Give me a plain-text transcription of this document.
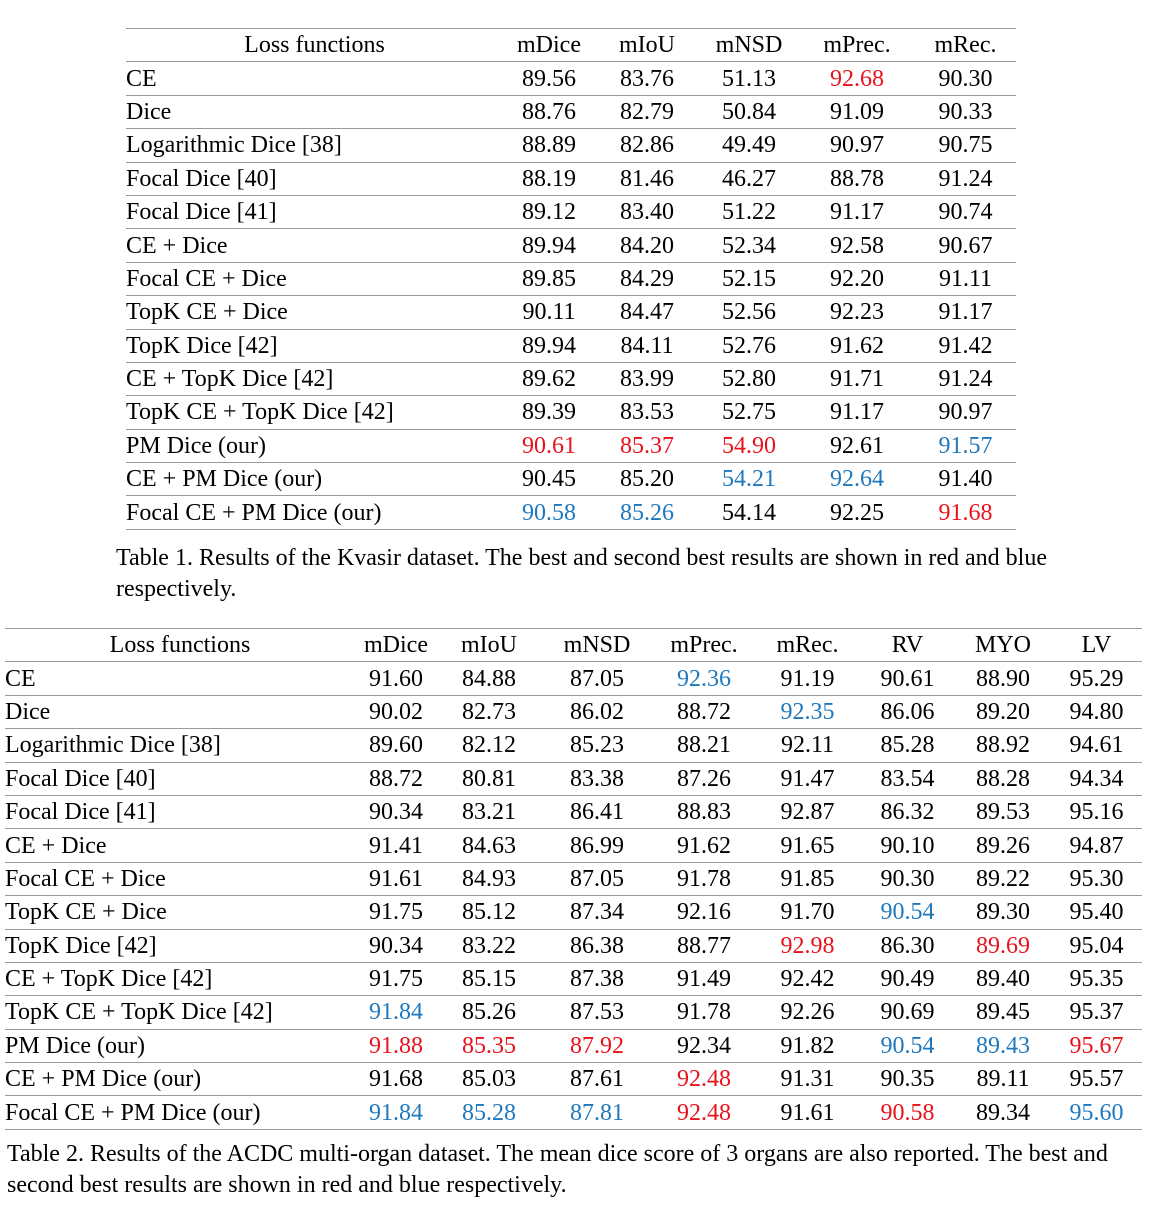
Loss functions	mDice	mIoU	mNSD	mPrec.	mRec.
CE	89.56	83.76	51.13	92.68	90.30
Dice	88.76	82.79	50.84	91.09	90.33
Logarithmic Dice [38]	88.89	82.86	49.49	90.97	90.75
Focal Dice [40]	88.19	81.46	46.27	88.78	91.24
Focal Dice [41]	89.12	83.40	51.22	91.17	90.74
CE + Dice	89.94	84.20	52.34	92.58	90.67
Focal CE + Dice	89.85	84.29	52.15	92.20	91.11
TopK CE + Dice	90.11	84.47	52.56	92.23	91.17
TopK Dice [42]	89.94	84.11	52.76	91.62	91.42
CE + TopK Dice [42]	89.62	83.99	52.80	91.71	91.24
TopK CE + TopK Dice [42]	89.39	83.53	52.75	91.17	90.97
PM Dice (our)	90.61	85.37	54.90	92.61	91.57
CE + PM Dice (our)	90.45	85.20	54.21	92.64	91.40
Focal CE + PM Dice (our)	90.58	85.26	54.14	92.25	91.68

Table 1. Results of the Kvasir dataset. The best and second best results are shown in red and blue respectively.

Loss functions	mDice	mIoU	mNSD	mPrec.	mRec.	RV	MYO	LV
CE	91.60	84.88	87.05	92.36	91.19	90.61	88.90	95.29
Dice	90.02	82.73	86.02	88.72	92.35	86.06	89.20	94.80
Logarithmic Dice [38]	89.60	82.12	85.23	88.21	92.11	85.28	88.92	94.61
Focal Dice [40]	88.72	80.81	83.38	87.26	91.47	83.54	88.28	94.34
Focal Dice [41]	90.34	83.21	86.41	88.83	92.87	86.32	89.53	95.16
CE + Dice	91.41	84.63	86.99	91.62	91.65	90.10	89.26	94.87
Focal CE + Dice	91.61	84.93	87.05	91.78	91.85	90.30	89.22	95.30
TopK CE + Dice	91.75	85.12	87.34	92.16	91.70	90.54	89.30	95.40
TopK Dice [42]	90.34	83.22	86.38	88.77	92.98	86.30	89.69	95.04
CE + TopK Dice [42]	91.75	85.15	87.38	91.49	92.42	90.49	89.40	95.35
TopK CE + TopK Dice [42]	91.84	85.26	87.53	91.78	92.26	90.69	89.45	95.37
PM Dice (our)	91.88	85.35	87.92	92.34	91.82	90.54	89.43	95.67
CE + PM Dice (our)	91.68	85.03	87.61	92.48	91.31	90.35	89.11	95.57
Focal CE + PM Dice (our)	91.84	85.28	87.81	92.48	91.61	90.58	89.34	95.60

Table 2. Results of the ACDC multi-organ dataset. The mean dice score of 3 organs are also reported. The best and second best results are shown in red and blue respectively.
